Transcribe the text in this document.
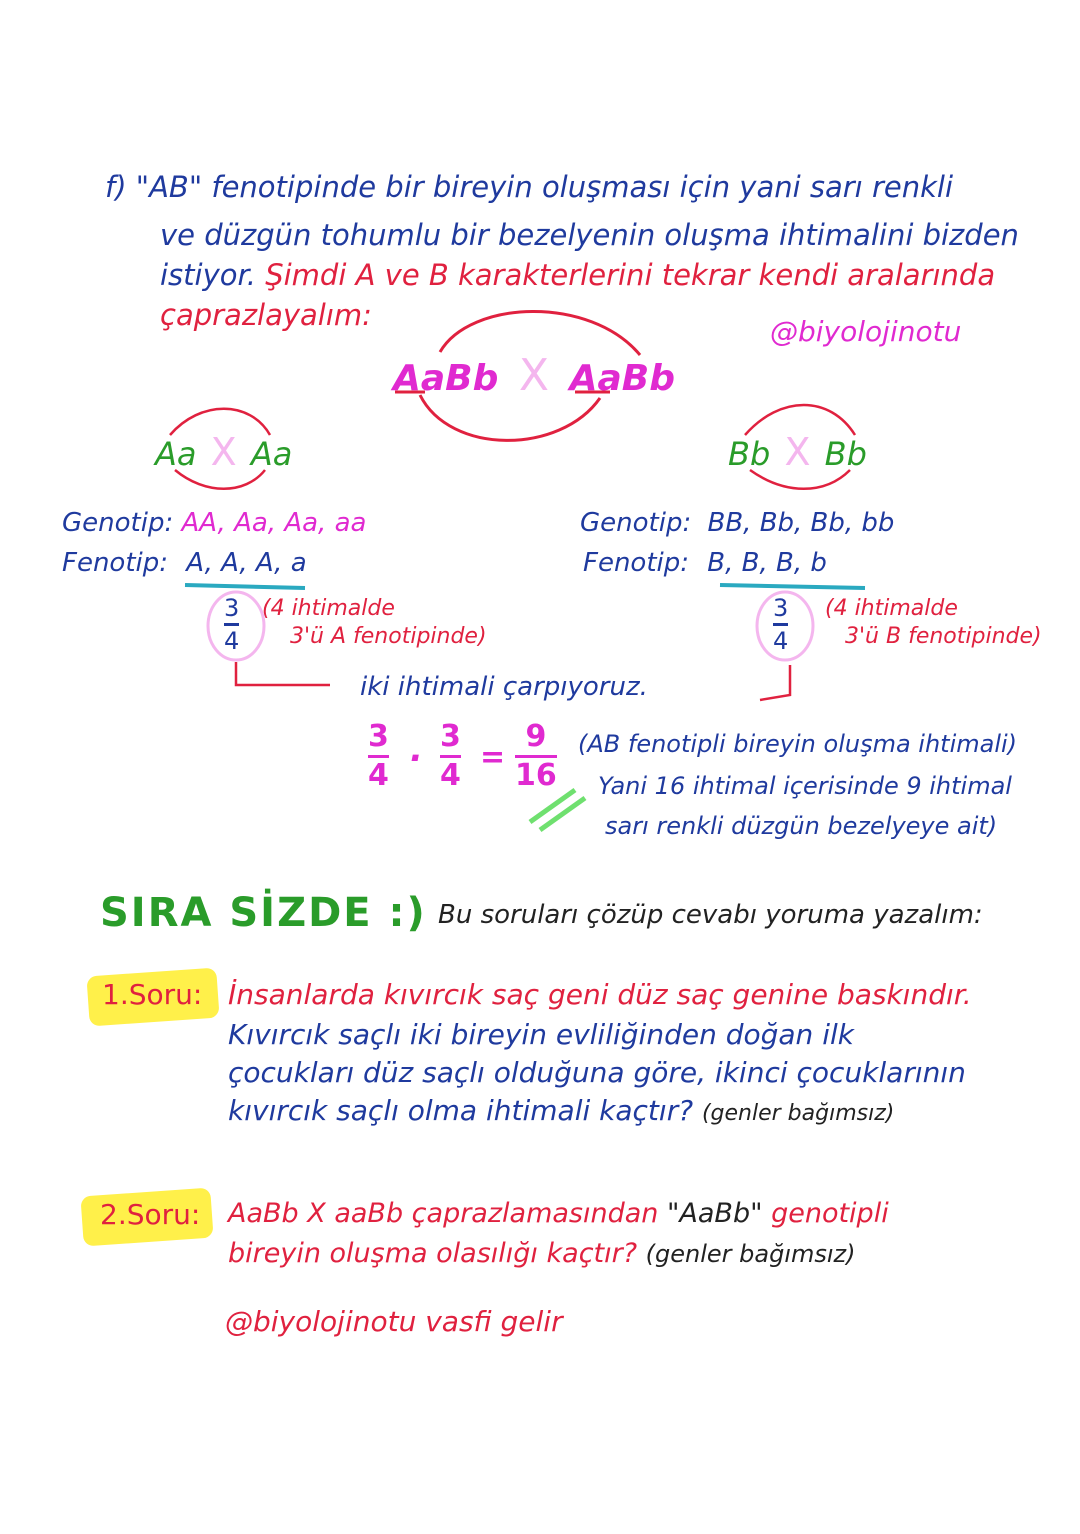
f) "AB" fenotipinde bir bireyin oluşması için yani sarı renkli
ve düzgün tohumlu bir bezelyenin oluşma ihtimalini bizden
istiyor. Şimdi A ve B karakterlerini tekrar kendi aralarında
çaprazlayalım:	@biyolojinotu
AaBb X AaBb
Aa X Aa
Genotip: AA, Aa, Aa, aa
Fenotip: A, A, A, a
3
4
(4 ihtimalde
3'ü A fenotipinde)
Bb X Bb
Genotip: BB, Bb, Bb, bb
Fenotip: B, B, B, b
3
4
(4 ihtimalde
3'ü B fenotipinde)
iki ihtimali çarpıyoruz.
3
4
. 3
4
=
9
16
(AB fenotipli bireyin oluşma ihtimali)
Yani 16 ihtimal içerisinde 9 ihtimal
sarı renkli düzgün bezelyeye ait)
SIRA SİZDE :) Bu soruları çözüp cevabı yoruma yazalım:
1.Soru: İnsanlarda kıvırcık saç geni düz saç genine baskındır.
Kıvırcık saçlı iki bireyin evliliğinden doğan ilk
çocukları düz saçlı olduğuna göre, ikinci çocuklarının
kıvırcık saçlı olma ihtimali kaçtır? (genler bağımsız)
2.Soru: AaBb X aaBb çaprazlamasından "AaBb" genotipli
bireyin oluşma olasılığı kaçtır? (genler bağımsız)
@biyolojinotu vasfi gelir
